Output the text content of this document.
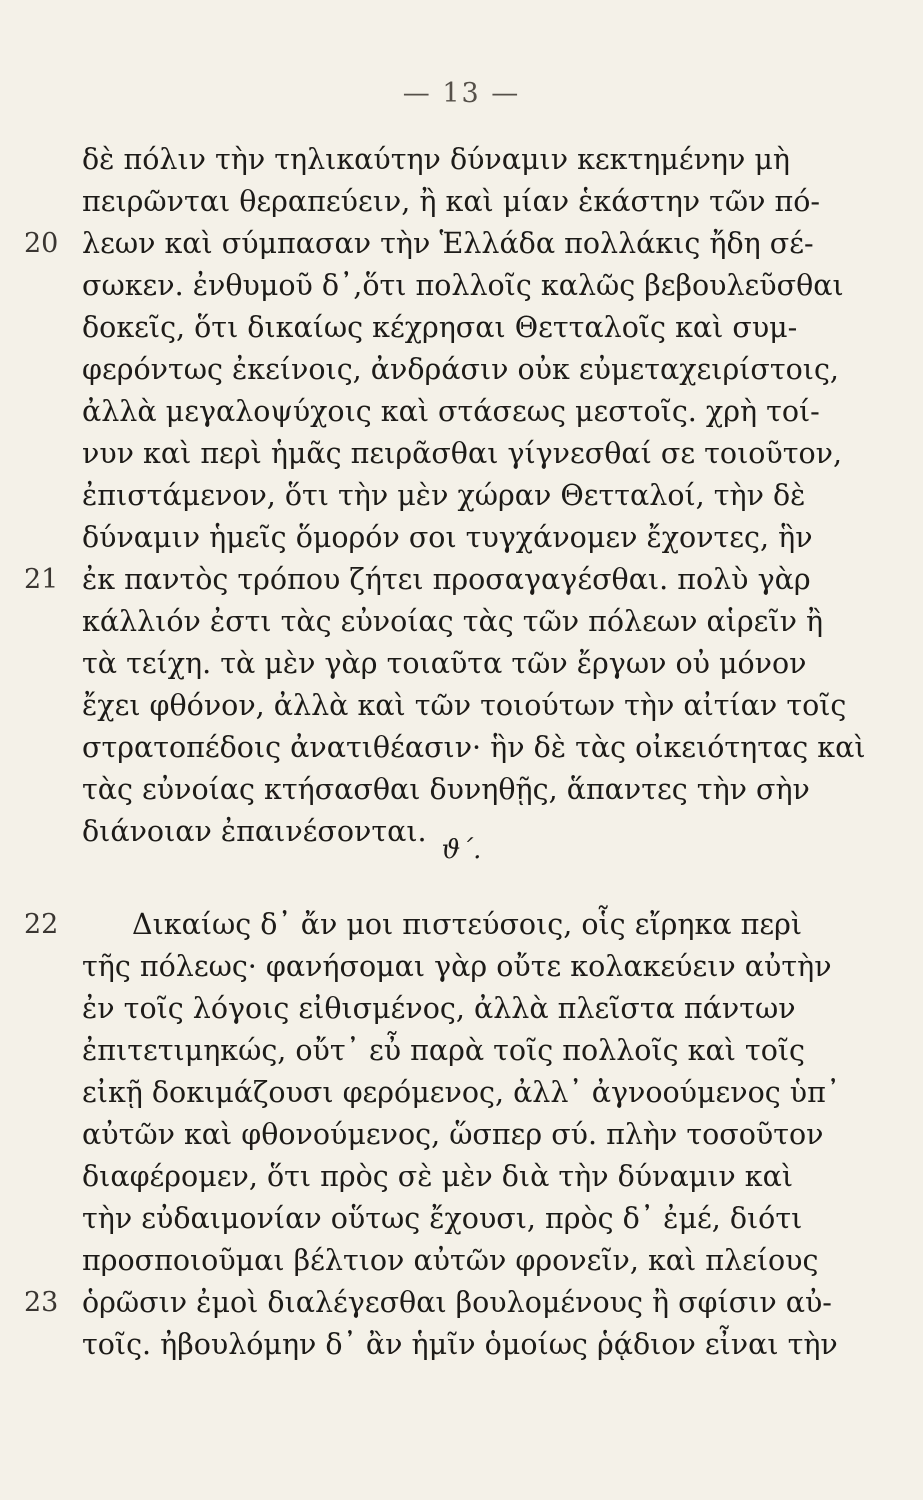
— 13 —
δὲ πόλιν τὴν τηλικαύτην δύναμιν κεκτημένην μὴ
πειρῶνται θεραπεύειν, ἢ καὶ μίαν ἑκάστην τῶν πό-
20 λεων καὶ σύμπασαν τὴν Ἑλλάδα πολλάκις ἤδη σέ-
σωκεν. ἐνθυμοῦ δ᾽,ὅτι πολλοῖς καλῶς βεβουλεῦσθαι
δοκεῖς, ὅτι δικαίως κέχρησαι Θετταλοῖς καὶ συμ-
φερόντως ἐκείνοις, ἀνδράσιν οὐκ εὐμεταχειρίστοις,
ἀλλὰ μεγαλοψύχοις καὶ στάσεως μεστοῖς. χρὴ τοί-
νυν καὶ περὶ ἡμᾶς πειρᾶσθαι γίγνεσθαί σε τοιοῦτον,
ἐπιστάμενον, ὅτι τὴν μὲν χώραν Θετταλοί, τὴν δὲ
δύναμιν ἡμεῖς ὅμορόν σοι τυγχάνομεν ἔχοντες, ἣν
21 ἐκ παντὸς τρόπου ζήτει προσαγαγέσθαι. πολὺ γὰρ
κάλλιόν ἐστι τὰς εὐνοίας τὰς τῶν πόλεων αἱρεῖν ἢ
τὰ τείχη. τὰ μὲν γὰρ τοιαῦτα τῶν ἔργων οὐ μόνον
ἔχει φθόνον, ἀλλὰ καὶ τῶν τοιούτων τὴν αἰτίαν τοῖς
στρατοπέδοις ἀνατιθέασιν· ἣν δὲ τὰς οἰκειότητας καὶ
τὰς εὐνοίας κτήσασθαι δυνηθῇς, ἅπαντες τὴν σὴν
διάνοιαν ἐπαινέσονται.
ϑ΄.
22	Δικαίως δ᾽ ἄν μοι πιστεύσοις, οἷς εἴρηκα περὶ
τῆς πόλεως· φανήσομαι γὰρ οὔτε κολακεύειν αὐτὴν
ἐν τοῖς λόγοις εἰθισμένος, ἀλλὰ πλεῖστα πάντων
ἐπιτετιμηκώς, οὔτ᾽ εὖ παρὰ τοῖς πολλοῖς καὶ τοῖς
εἰκῇ δοκιμάζουσι φερόμενος, ἀλλ᾽ ἀγνοούμενος ὑπ᾽
αὐτῶν καὶ φθονούμενος, ὥσπερ σύ. πλὴν τοσοῦτον
διαφέρομεν, ὅτι πρὸς σὲ μὲν διὰ τὴν δύναμιν καὶ
τὴν εὐδαιμονίαν οὕτως ἔχουσι, πρὸς δ᾽ ἐμέ, διότι
προσποιοῦμαι βέλτιον αὐτῶν φρονεῖν, καὶ πλείους
23 ὁρῶσιν ἐμοὶ διαλέγεσθαι βουλομένους ἢ σφίσιν αὐ-
τοῖς. ἠβουλόμην δ᾽ ἂν ἡμῖν ὁμοίως ῥᾴδιον εἶναι τὴν
